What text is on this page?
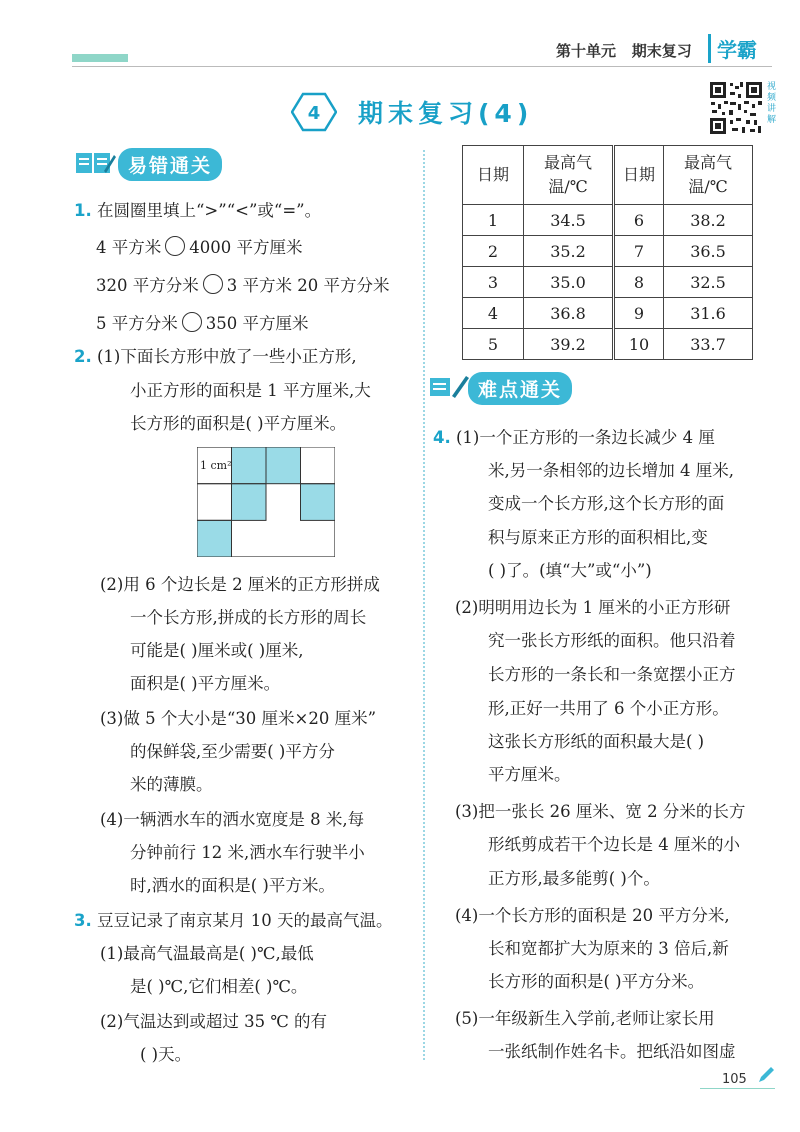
第十单元 期末复习	学霸
4 期末复习(4)
视频讲解
易错通关
1. 在圆圈里填上“>”“<”或“=”。
4 平方米 4000 平方厘米
320 平方分米 3 平方米 20 平方分米
5 平方分米 350 平方厘米
2. (1)下面长方形中放了一些小正方形,
小正方形的面积是 1 平方厘米,大
长方形的面积是( )平方厘米。
1 cm²
(2)用 6 个边长是 2 厘米的正方形拼成
一个长方形,拼成的长方形的周长
可能是( )厘米或( )厘米,
面积是( )平方厘米。
(3)做 5 个大小是“30 厘米×20 厘米”
的保鲜袋,至少需要( )平方分
米的薄膜。
(4)一辆洒水车的洒水宽度是 8 米,每
分钟前行 12 米,洒水车行驶半小
时,洒水的面积是( )平方米。
3. 豆豆记录了南京某月 10 天的最高气温。
(1)最高气温最高是( )℃,最低
是( )℃,它们相差( )℃。
(2)气温达到或超过 35 ℃ 的有
( )天。
日期	最高气
温/℃	日期	最高气
温/℃
1	34.5	6	38.2
2	35.2	7	36.5
3	35.0	8	32.5
4	36.8	9	31.6
5	39.2	10	33.7
难点通关
4. (1)一个正方形的一条边长减少 4 厘
米,另一条相邻的边长增加 4 厘米,
变成一个长方形,这个长方形的面
积与原来正方形的面积相比,变
( )了。(填“大”或“小”)
(2)明明用边长为 1 厘米的小正方形研
究一张长方形纸的面积。他只沿着
长方形的一条长和一条宽摆小正方
形,正好一共用了 6 个小正方形。
这张长方形纸的面积最大是( )
平方厘米。
(3)把一张长 26 厘米、宽 2 分米的长方
形纸剪成若干个边长是 4 厘米的小
正方形,最多能剪( )个。
(4)一个长方形的面积是 20 平方分米,
长和宽都扩大为原来的 3 倍后,新
长方形的面积是( )平方分米。
(5)一年级新生入学前,老师让家长用
一张纸制作姓名卡。把纸沿如图虚
105
